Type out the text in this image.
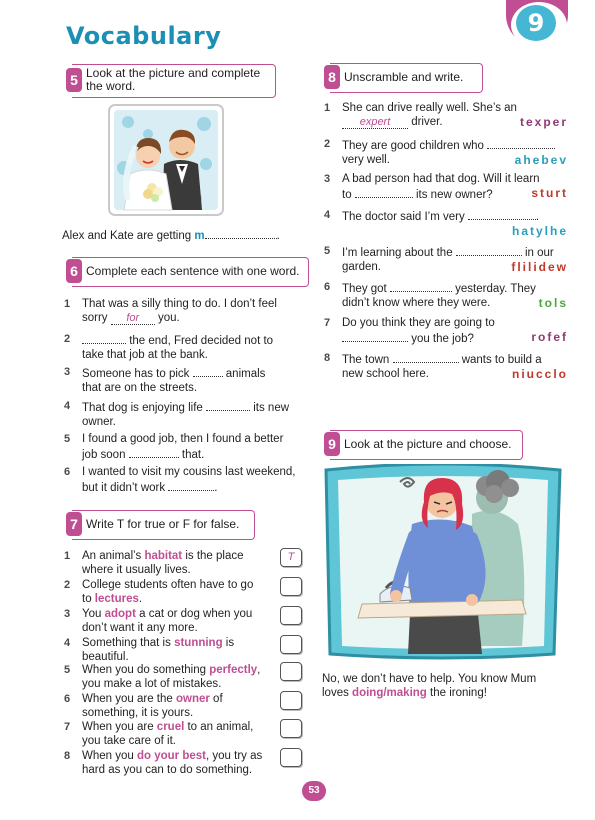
Vocabulary	9
5 Look at the picture and complete the word.
Alex and Kate are getting m	.
6 Complete each sentence with one word.
1 That was a silly thing to do. I don’t feel
sorry for you.
2	the end, Fred decided not to
take that job at the bank.
3 Someone has to pick	animals
that are on the streets.
4 That dog is enjoying life	its new
owner.
5 I found a good job, then I found a better
job soon	that.
6 I wanted to visit my cousins last weekend,
but it didn’t work	.
7 Write T for true or F for false.
1 An animal’s habitat is the place
where it usually lives.
T
2 College students often have to go
to lectures.
3 You adopt a cat or dog when you
don’t want it any more.
4 Something that is stunning is
beautiful.
5 When you do something perfectly,
you make a lot of mistakes.
6 When you are the owner of
something, it is yours.
7 When you are cruel to an animal,
you take care of it.
8 When you do your best, you try as
hard as you can to do something.
8 Unscramble and write.
1 She can drive really well. She’s an
expert driver.	texper
2 They are good children who
very well.	ahebev
3 A bad person had that dog. Will it learn
to	its new owner?	sturt
4 The doctor said I’m very	.
hatylhe
5 I’m learning about the	in our
garden.	flilidew
6 They got	yesterday. They
didn’t know where they were.	tols
7 Do you think they are going to
you the job?	rofef
8 The town	wants to build a
new school here.	niucclo
9 Look at the picture and choose.
No, we don’t have to help. You know Mum
loves doing/making the ironing!
53
